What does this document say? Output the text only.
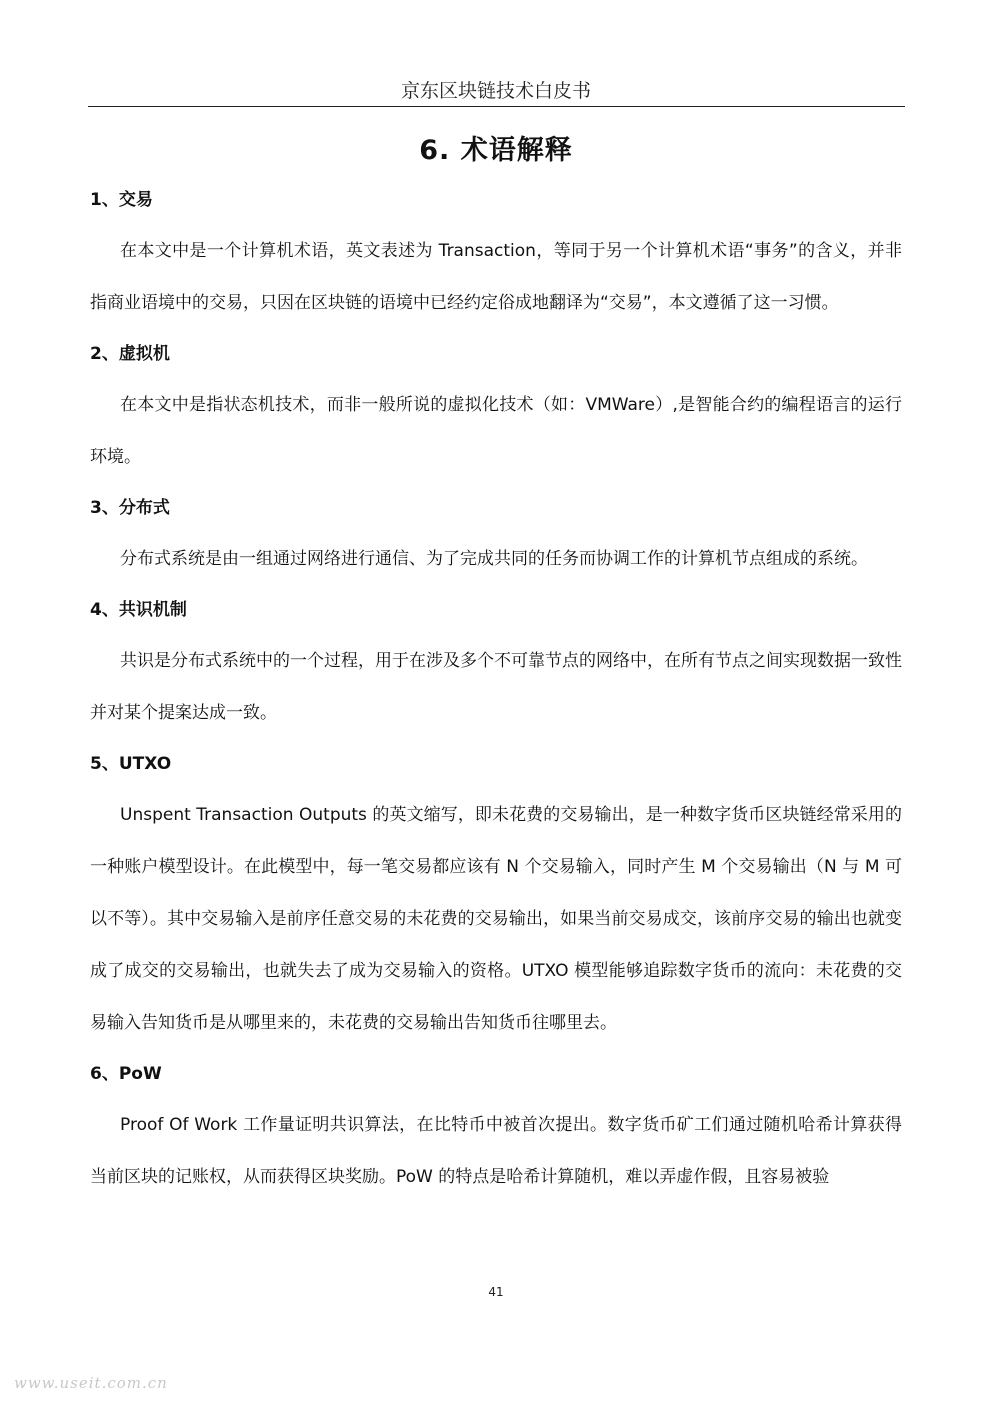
京东区块链技术白皮书
6. 术语解释
1、交易

在本文中是一个计算机术语，英文表述为 Transaction，等同于另一个计算机术语“事务”的含义，并非指商业语境中的交易，只因在区块链的语境中已经约定俗成地翻译为“交易”，本文遵循了这一习惯。

2、虚拟机

在本文中是指状态机技术，而非一般所说的虚拟化技术（如：VMWare）,是智能合约的编程语言的运行环境。

3、分布式

分布式系统是由一组通过网络进行通信、为了完成共同的任务而协调工作的计算机节点组成的系统。

4、共识机制

共识是分布式系统中的一个过程，用于在涉及多个不可靠节点的网络中，在所有节点之间实现数据一致性并对某个提案达成一致。

5、UTXO

Unspent Transaction Outputs 的英文缩写，即未花费的交易输出，是一种数字货币区块链经常采用的一种账户模型设计。在此模型中，每一笔交易都应该有 N 个交易输入，同时产生 M 个交易输出（N 与 M 可以不等）。其中交易输入是前序任意交易的未花费的交易输出，如果当前交易成交，该前序交易的输出也就变成了成交的交易输出，也就失去了成为交易输入的资格。UTXO 模型能够追踪数字货币的流向：未花费的交易输入告知货币是从哪里来的，未花费的交易输出告知货币往哪里去。

6、PoW

Proof Of Work 工作量证明共识算法，在比特币中被首次提出。数字货币矿工们通过随机哈希计算获得当前区块的记账权，从而获得区块奖励。PoW 的特点是哈希计算随机，难以弄虚作假，且容易被验

41
www.useit.com.cn
